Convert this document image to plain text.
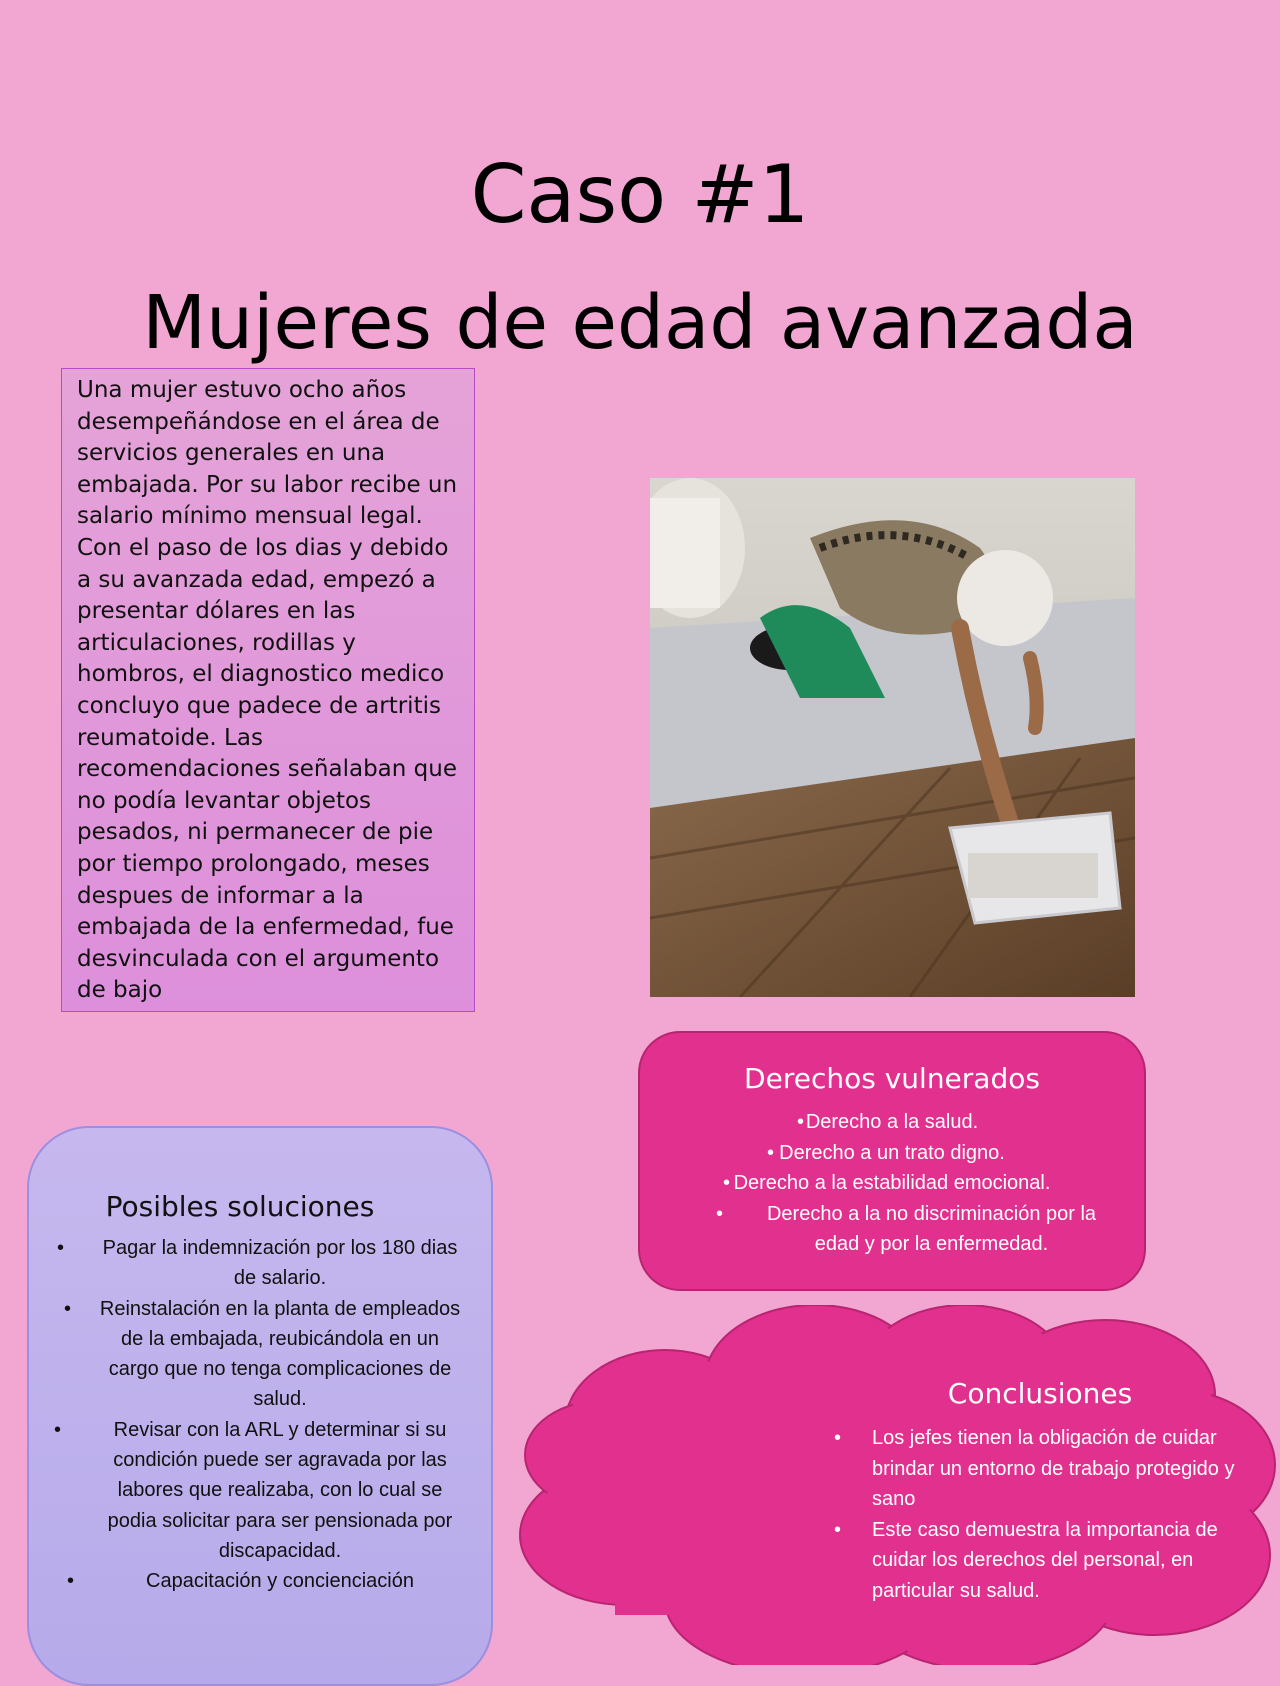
Caso #1
Mujeres de edad avanzada
Una mujer estuvo ocho años desempeñándose en el área de servicios generales en una embajada. Por su labor recibe un salario mínimo mensual legal. Con el paso de los dias y debido a su avanzada edad, empezó a presentar dólares en las articulaciones, rodillas y hombros, el diagnostico medico concluyo que padece de artritis reumatoide. Las recomendaciones señalaban que no podía levantar objetos pesados, ni permanecer de pie por tiempo prolongado, meses despues de informar a la embajada de la enfermedad, fue desvinculada con el argumento de bajo
Derechos vulnerados
• Derecho a la salud.
• Derecho a un trato digno.
• Derecho a la estabilidad emocional.
• Derecho a la no discriminación por la edad y por la enfermedad.
Posibles soluciones
• Pagar la indemnización por los 180 dias de salario.
• Reinstalación en la planta de empleados de la embajada, reubicándola en un cargo que no tenga complicaciones de salud.
•	Revisar con la ARL y determinar si su condición puede ser agravada por las labores que realizaba, con lo cual se podia solicitar para ser pensionada por discapacidad.
•	Capacitación y concienciación
Conclusiones
• Los jefes tienen la obligación de cuidar brindar un entorno de trabajo protegido y sano
• Este caso demuestra la importancia de cuidar los derechos del personal, en particular su salud.
